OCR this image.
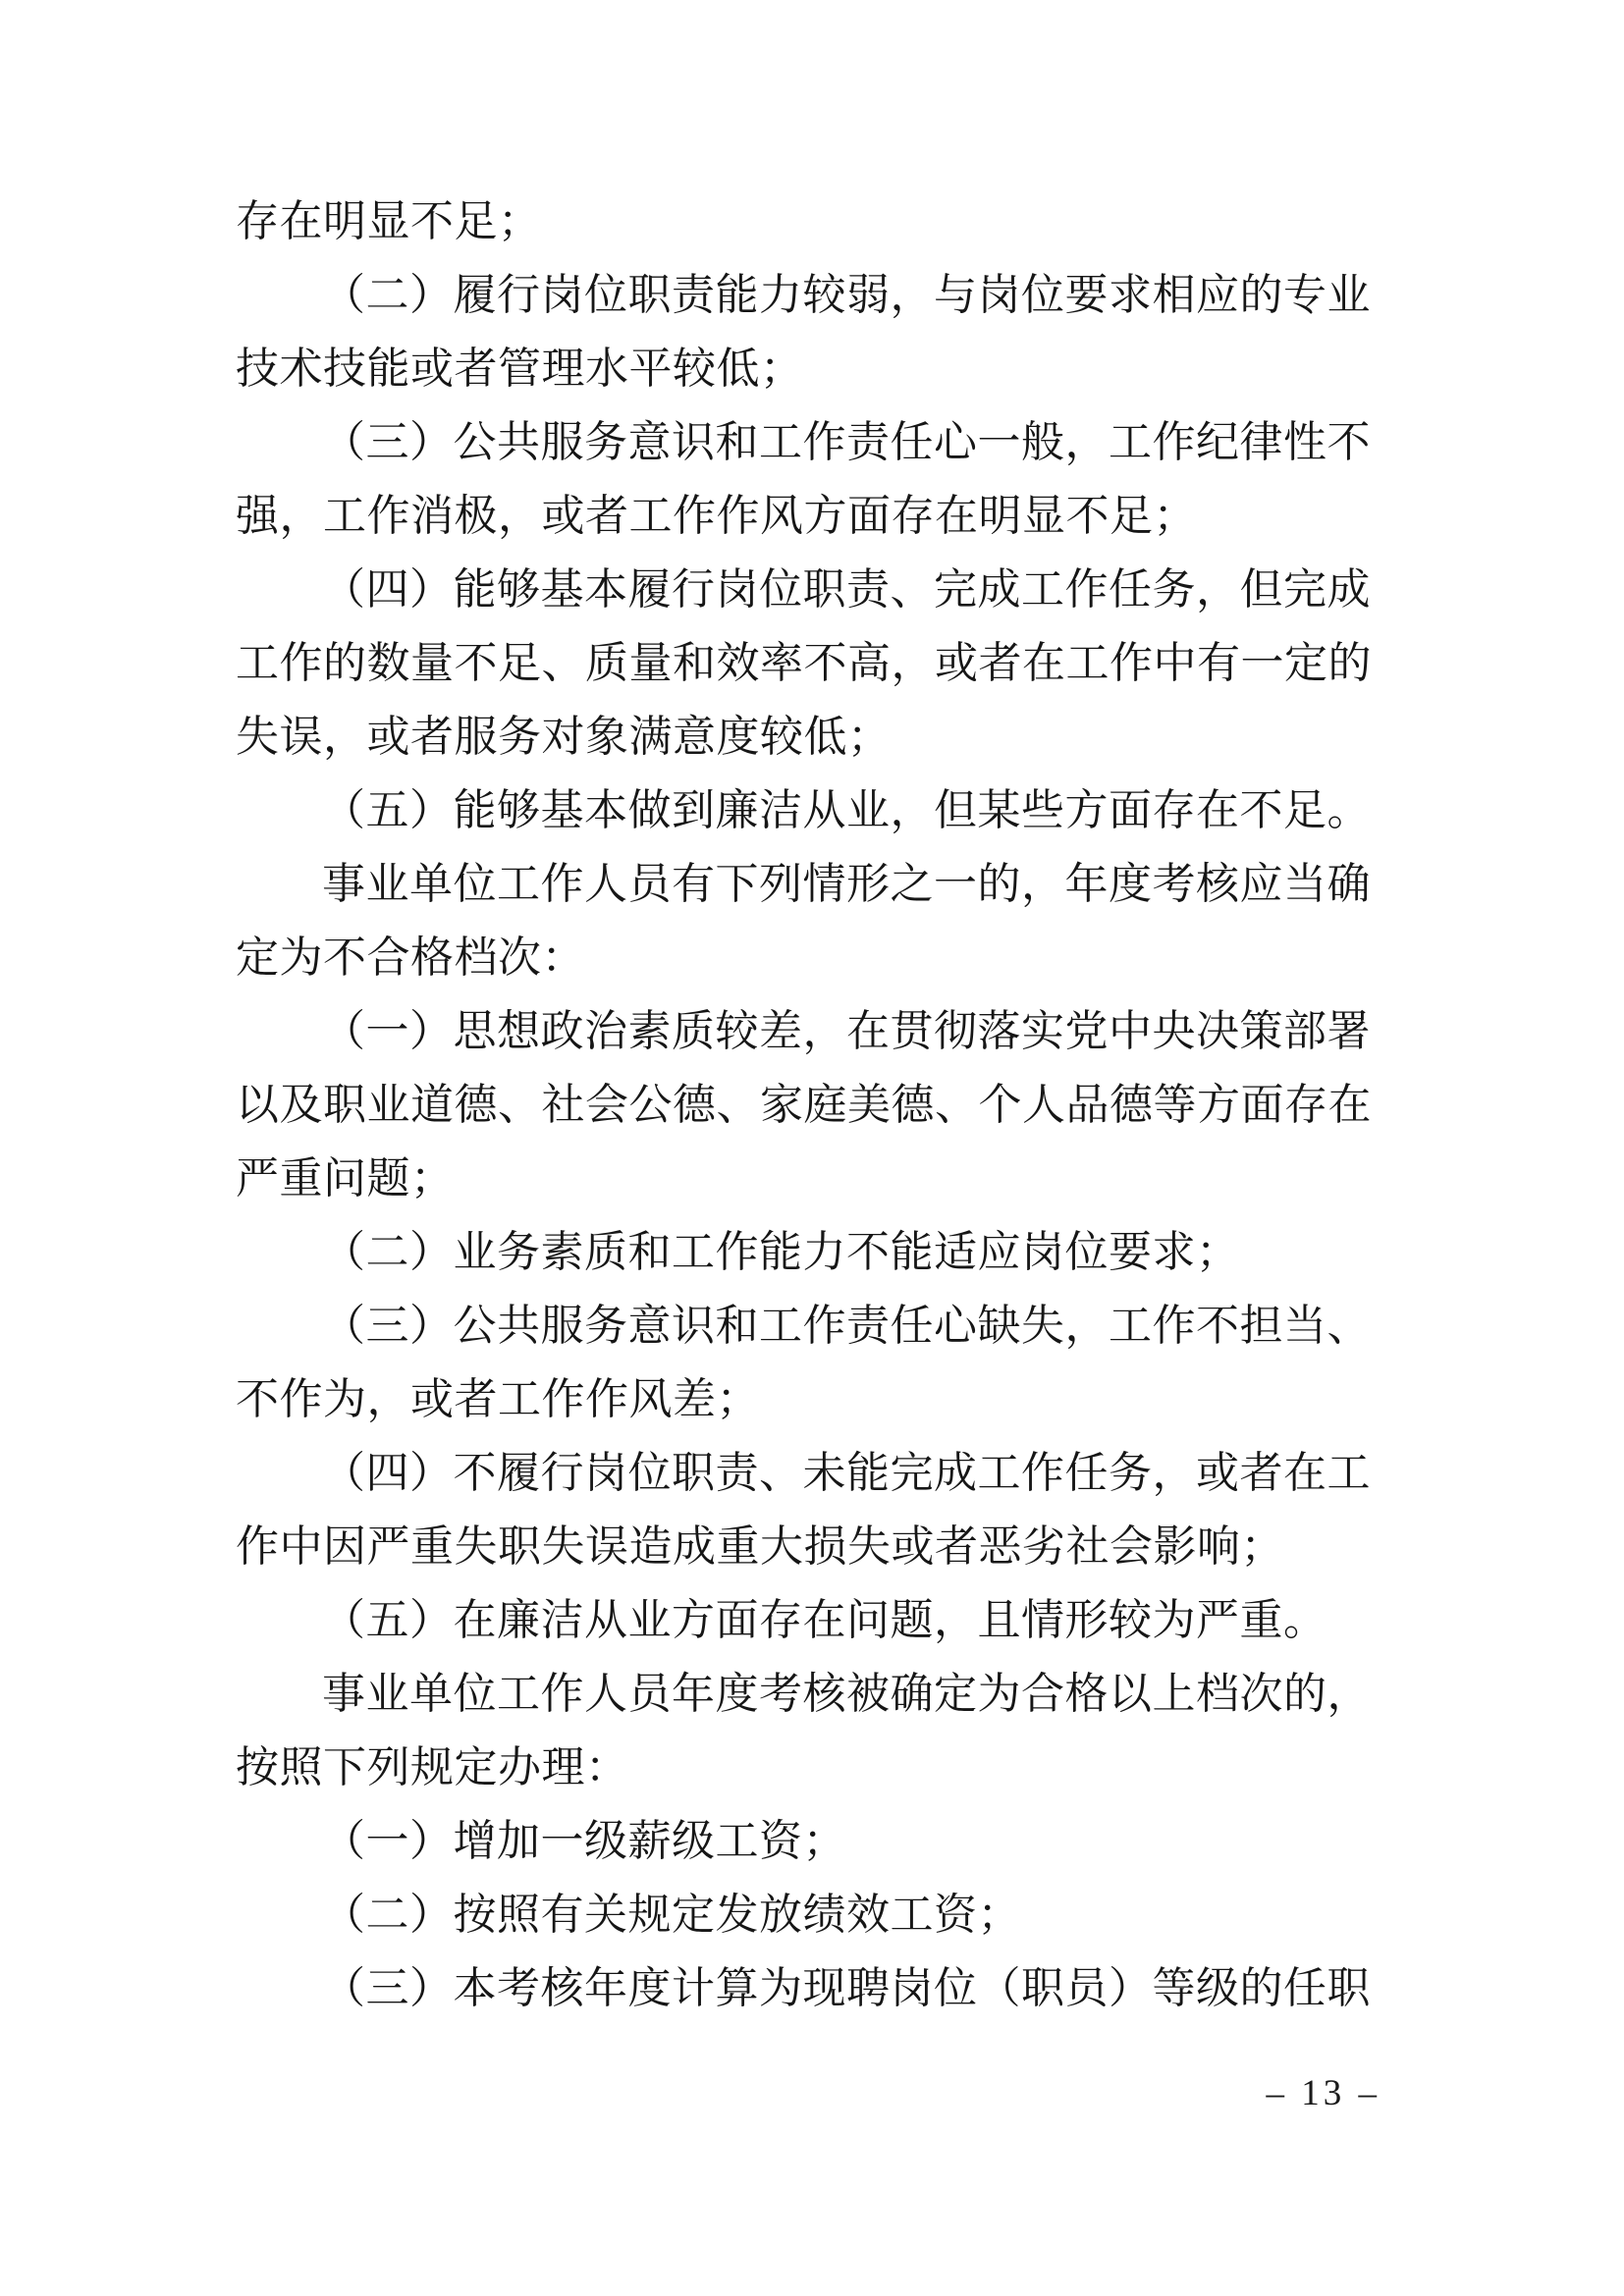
存在明显不足；
（二）履行岗位职责能力较弱，与岗位要求相应的专业
技术技能或者管理水平较低；
（三）公共服务意识和工作责任心一般，工作纪律性不
强，工作消极，或者工作作风方面存在明显不足；
（四）能够基本履行岗位职责、完成工作任务，但完成
工作的数量不足、质量和效率不高，或者在工作中有一定的
失误，或者服务对象满意度较低；
（五）能够基本做到廉洁从业，但某些方面存在不足。
事业单位工作人员有下列情形之一的，年度考核应当确
定为不合格档次：
（一）思想政治素质较差，在贯彻落实党中央决策部署
以及职业道德、社会公德、家庭美德、个人品德等方面存在
严重问题；
（二）业务素质和工作能力不能适应岗位要求；
（三）公共服务意识和工作责任心缺失，工作不担当、
不作为，或者工作作风差；
（四）不履行岗位职责、未能完成工作任务，或者在工
作中因严重失职失误造成重大损失或者恶劣社会影响；
（五）在廉洁从业方面存在问题，且情形较为严重。
事业单位工作人员年度考核被确定为合格以上档次的，
按照下列规定办理：
（一）增加一级薪级工资；
（二）按照有关规定发放绩效工资；
（三）本考核年度计算为现聘岗位（职员）等级的任职
– 13 –
